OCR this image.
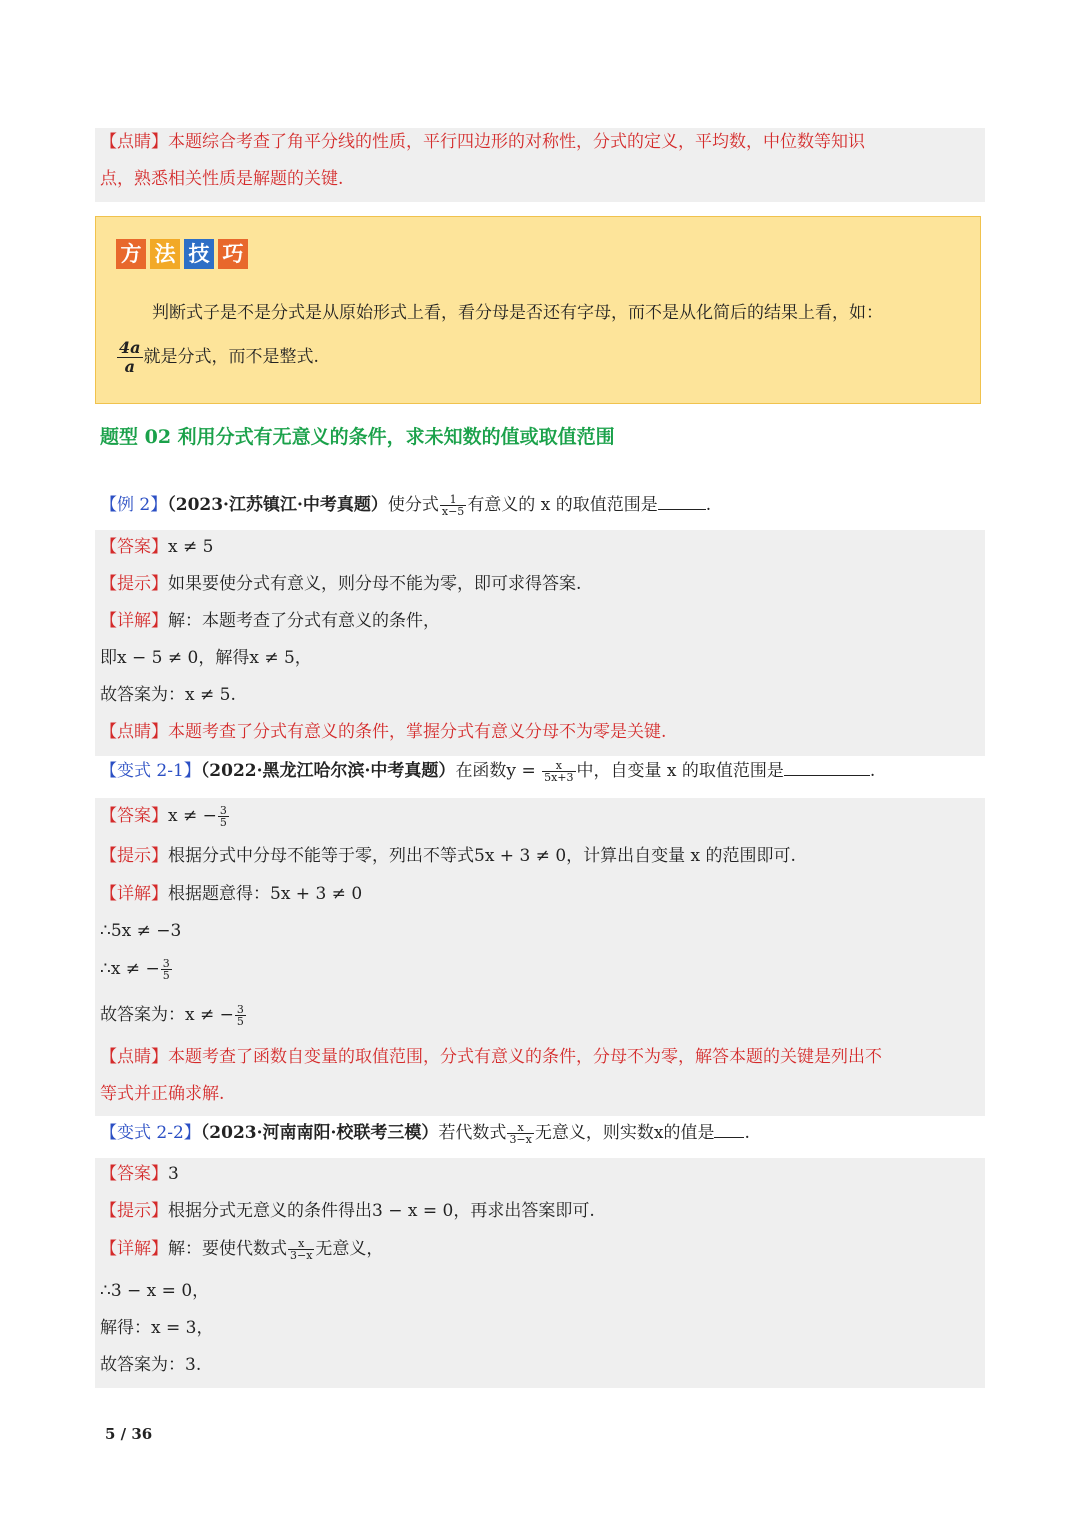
【点睛】本题综合考查了角平分线的性质，平行四边形的对称性，分式的定义，平均数，中位数等知识
点，熟悉相关性质是解题的关键.
方 法 技 巧
判断式子是不是分式是从原始形式上看，看分母是否还有字母，而不是从化简后的结果上看，如：
$\frac{4a}{a}$ 就是分式，而不是整式.
题型 02 利用分式有无意义的条件，求未知数的值或取值范围
【例 2】（2023·江苏镇江·中考真题）使分式 $\frac{1}{x-5}$ 有意义的 x 的取值范围是	.
【答案】x ≠ 5
【提示】如果要使分式有意义，则分母不能为零，即可求得答案.
【详解】解：本题考查了分式有意义的条件，
即x − 5 ≠ 0，解得x ≠ 5，
故答案为：x ≠ 5.
【点睛】本题考查了分式有意义的条件，掌握分式有意义分母不为零是关键.
【变式 2-1】（2022·黑龙江哈尔滨·中考真题）在函数$y = \frac{x}{5x+3}$ 中，自变量 x 的取值范围是	.
【答案】x ≠ − $\frac{3}{5}$
【提示】根据分式中分母不能等于零，列出不等式5x + 3 ≠ 0，计算出自变量 x 的范围即可.
【详解】根据题意得：5x + 3 ≠ 0
∴5x ≠ −3
∴x ≠ − $\frac{3}{5}$
故答案为：x ≠ − $\frac{3}{5}$
【点睛】本题考查了函数自变量的取值范围，分式有意义的条件，分母不为零，解答本题的关键是列出不
等式并正确求解.
【变式 2-2】（2023·河南南阳·校联考三模）若代数式 $\frac{x}{3-x}$ 无意义，则实数x的值是 .
【答案】3
【提示】根据分式无意义的条件得出3 − x = 0，再求出答案即可.
【详解】解：要使代数式 $\frac{x}{3-x}$ 无意义，
∴3 − x = 0，
解得：x = 3，
故答案为：3.
5 / 36
